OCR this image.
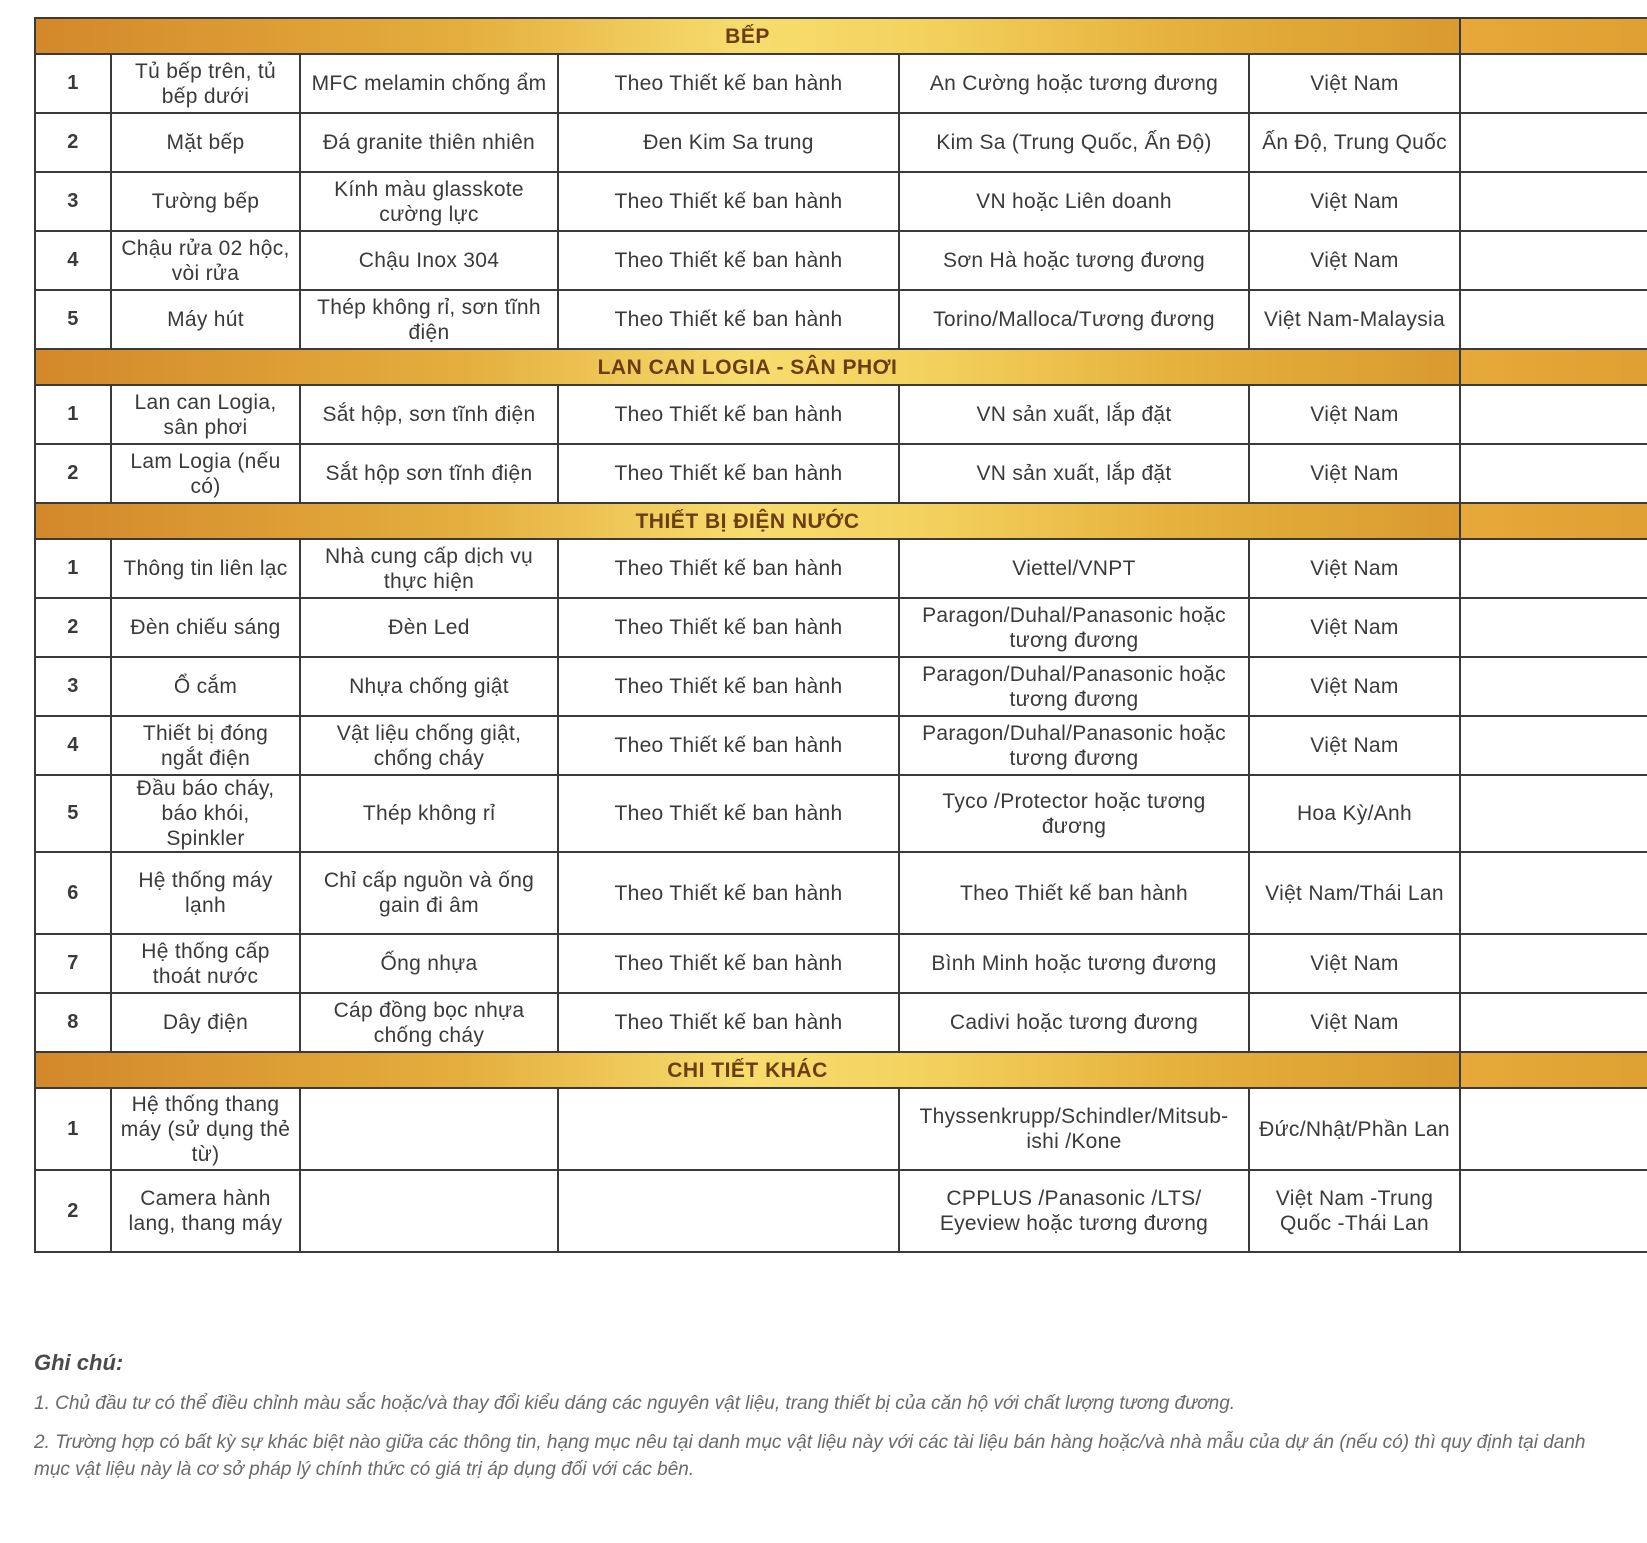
BẾP						
1	Tủ bếp trên, tủ bếp dưới	MFC melamin chống ẩm	Theo Thiết kế ban hành	An Cường hoặc tương đương	Việt Nam	
2	Mặt bếp	Đá granite thiên nhiên	Đen Kim Sa trung	Kim Sa (Trung Quốc, Ấn Độ)	Ấn Độ, Trung Quốc	
3	Tường bếp	Kính màu glasskote cường lực	Theo Thiết kế ban hành	VN hoặc Liên doanh	Việt Nam	
4	Chậu rửa 02 hộc, vòi rửa	Chậu Inox 304	Theo Thiết kế ban hành	Sơn Hà hoặc tương đương	Việt Nam	
5	Máy hút	Thép không rỉ, sơn tĩnh điện	Theo Thiết kế ban hành	Torino/Malloca/Tương đương	Việt Nam-Malaysia	
LAN CAN LOGIA - SÂN PHƠI						
1	Lan can Logia, sân phơi	Sắt hộp, sơn tĩnh điện	Theo Thiết kế ban hành	VN sản xuất, lắp đặt	Việt Nam	
2	Lam Logia (nếu có)	Sắt hộp sơn tĩnh điện	Theo Thiết kế ban hành	VN sản xuất, lắp đặt	Việt Nam	
THIẾT BỊ ĐIỆN NƯỚC						
1	Thông tin liên lạc	Nhà cung cấp dịch vụ thực hiện	Theo Thiết kế ban hành	Viettel/VNPT	Việt Nam	
2	Đèn chiếu sáng	Đèn Led	Theo Thiết kế ban hành	Paragon/Duhal/Panasonic hoặc tương đương	Việt Nam	
3	Ổ cắm	Nhựa chống giật	Theo Thiết kế ban hành	Paragon/Duhal/Panasonic hoặc tương đương	Việt Nam	
4	Thiết bị đóng ngắt điện	Vật liệu chống giật, chống cháy	Theo Thiết kế ban hành	Paragon/Duhal/Panasonic hoặc tương đương	Việt Nam	
5	Đầu báo cháy, báo khói, Spinkler	Thép không rỉ	Theo Thiết kế ban hành	Tyco /Protector hoặc tương đương	Hoa Kỳ/Anh	
6	Hệ thống máy lạnh	Chỉ cấp nguồn và ống gain đi âm	Theo Thiết kế ban hành	Theo Thiết kế ban hành	Việt Nam/Thái Lan	
7	Hệ thống cấp thoát nước	Ống nhựa	Theo Thiết kế ban hành	Bình Minh hoặc tương đương	Việt Nam	
8	Dây điện	Cáp đồng bọc nhựa chống cháy	Theo Thiết kế ban hành	Cadivi hoặc tương đương	Việt Nam	
CHI TIẾT KHÁC						
1	Hệ thống thang máy (sử dụng thẻ từ)			Thyssenkrupp/Schindler/Mitsub- ishi /Kone	Đức/Nhật/Phần Lan	
2	Camera hành lang, thang máy			CPPLUS /Panasonic /LTS/ Eyeview hoặc tương đương	Việt Nam -Trung Quốc -Thái Lan	
Ghi chú:
1. Chủ đầu tư có thể điều chỉnh màu sắc hoặc/và thay đổi kiểu dáng các nguyên vật liệu, trang thiết bị của căn hộ với chất lượng tương đương.
2. Trường hợp có bất kỳ sự khác biệt nào giữa các thông tin, hạng mục nêu tại danh mục vật liệu này với các tài liệu bán hàng hoặc/và nhà mẫu của dự án (nếu có) thì quy định tại danh mục vật liệu này là cơ sở pháp lý chính thức có giá trị áp dụng đối với các bên.
